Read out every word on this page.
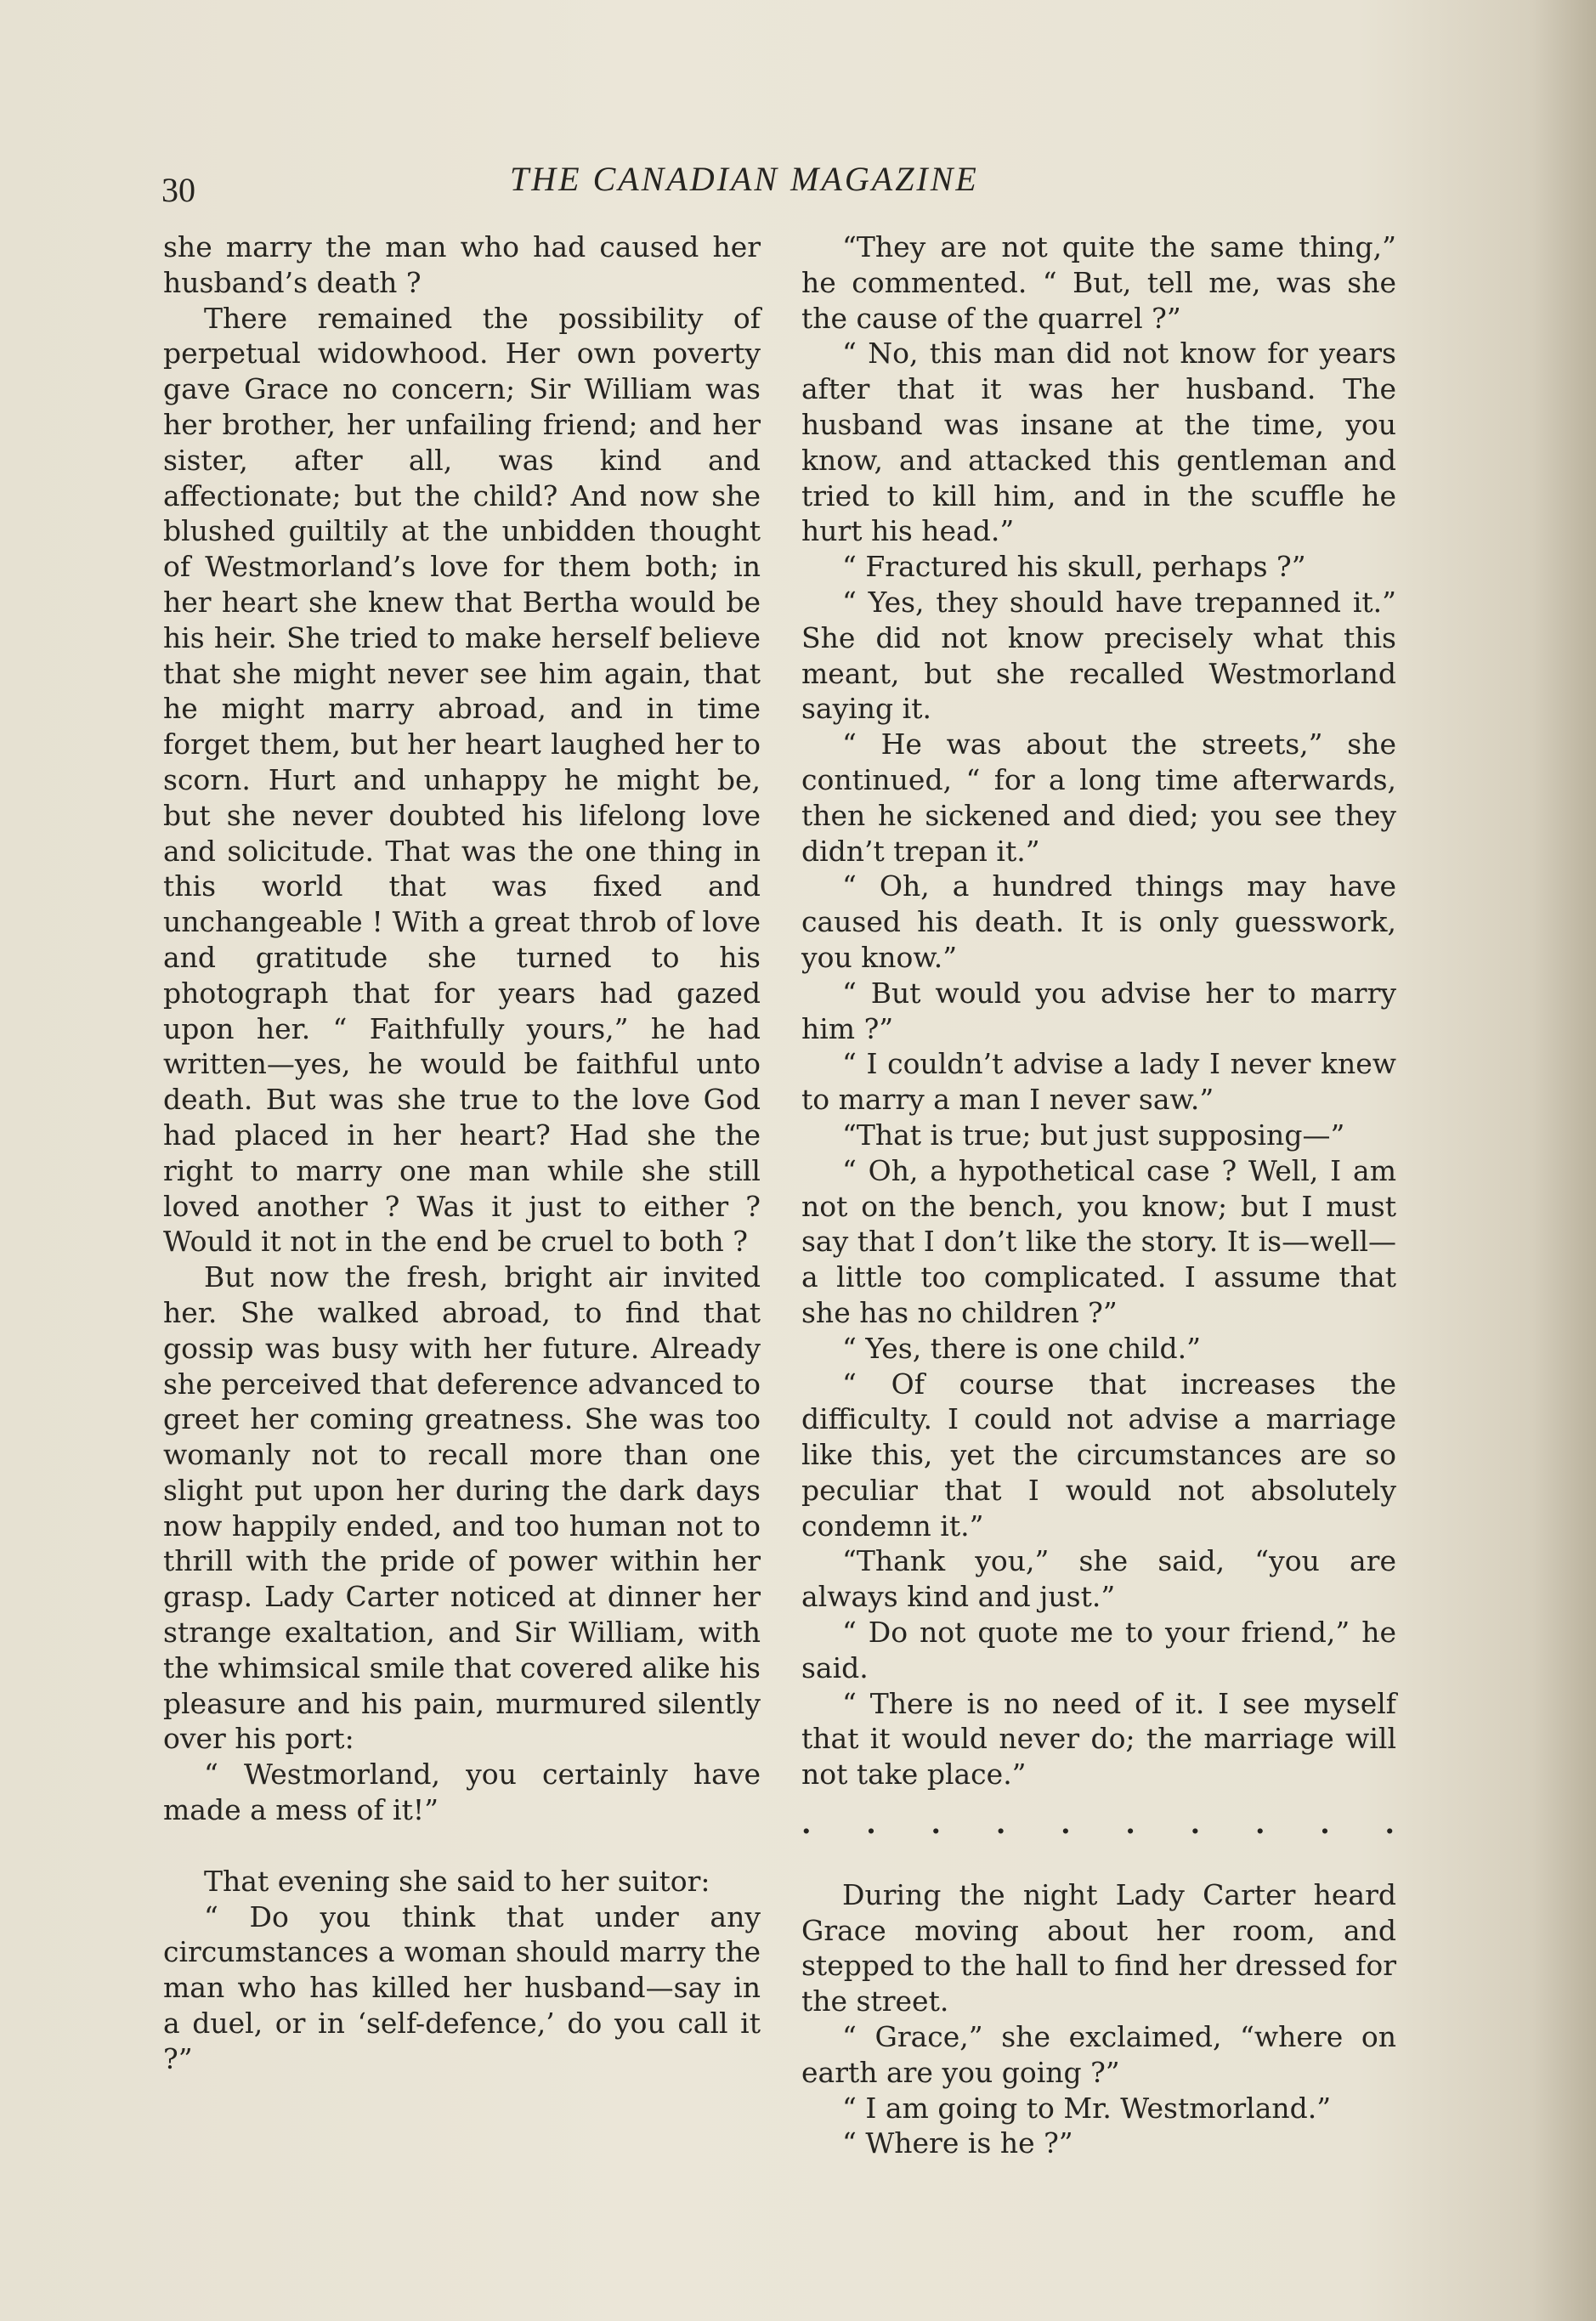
30	THE CANADIAN MAGAZINE

she marry the man who had caused her husband’s death ?

There remained the possibility of perpetual widowhood. Her own poverty gave Grace no concern; Sir William was her brother, her unfailing friend; and her sister, after all, was kind and affectionate; but the child? And now she blushed guiltily at the unbidden thought of Westmorland’s love for them both; in her heart she knew that Bertha would be his heir. She tried to make herself believe that she might never see him again, that he might marry abroad, and in time forget them, but her heart laughed her to scorn. Hurt and unhappy he might be, but she never doubted his lifelong love and solicitude. That was the one thing in this world that was fixed and unchangeable ! With a great throb of love and gratitude she turned to his photograph that for years had gazed upon her. “ Faithfully yours,” he had written—yes, he would be faithful unto death. But was she true to the love God had placed in her heart? Had she the right to marry one man while she still loved another ? Was it just to either ? Would it not in the end be cruel to both ?

But now the fresh, bright air invited her. She walked abroad, to find that gossip was busy with her future. Already she perceived that deference advanced to greet her coming greatness. She was too womanly not to recall more than one slight put upon her during the dark days now happily ended, and too human not to thrill with the pride of power within her grasp. Lady Carter noticed at dinner her strange exaltation, and Sir William, with the whimsical smile that covered alike his pleasure and his pain, murmured silently over his port:

“ Westmorland, you certainly have made a mess of it!”

That evening she said to her suitor:

“ Do you think that under any circumstances a woman should marry the man who has killed her husband—say in a duel, or in ‘self-defence,’ do you call it ?”

“They are not quite the same thing,” he commented. “ But, tell me, was she the cause of the quarrel ?”

“ No, this man did not know for years after that it was her husband. The husband was insane at the time, you know, and attacked this gentleman and tried to kill him, and in the scuffle he hurt his head.”

“ Fractured his skull, perhaps ?”

“ Yes, they should have trepanned it.” She did not know precisely what this meant, but she recalled Westmorland saying it.

“ He was about the streets,” she continued, “ for a long time afterwards, then he sickened and died; you see they didn’t trepan it.”

“ Oh, a hundred things may have caused his death. It is only guesswork, you know.”

“ But would you advise her to marry him ?”

“ I couldn’t advise a lady I never knew to marry a man I never saw.”

“That is true; but just supposing—”

“ Oh, a hypothetical case ? Well, I am not on the bench, you know; but I must say that I don’t like the story. It is—well—a little too complicated. I assume that she has no children ?”

“ Yes, there is one child.”

“ Of course that increases the difficulty. I could not advise a marriage like this, yet the circumstances are so peculiar that I would not absolutely condemn it.”

“Thank you,” she said, “you are always kind and just.”

“ Do not quote me to your friend,” he said.

“ There is no need of it. I see myself that it would never do; the marriage will not take place.”

. . . . . . . . . .

During the night Lady Carter heard Grace moving about her room, and stepped to the hall to find her dressed for the street.

“ Grace,” she exclaimed, “where on earth are you going ?”

“ I am going to Mr. Westmorland.”

“ Where is he ?”
